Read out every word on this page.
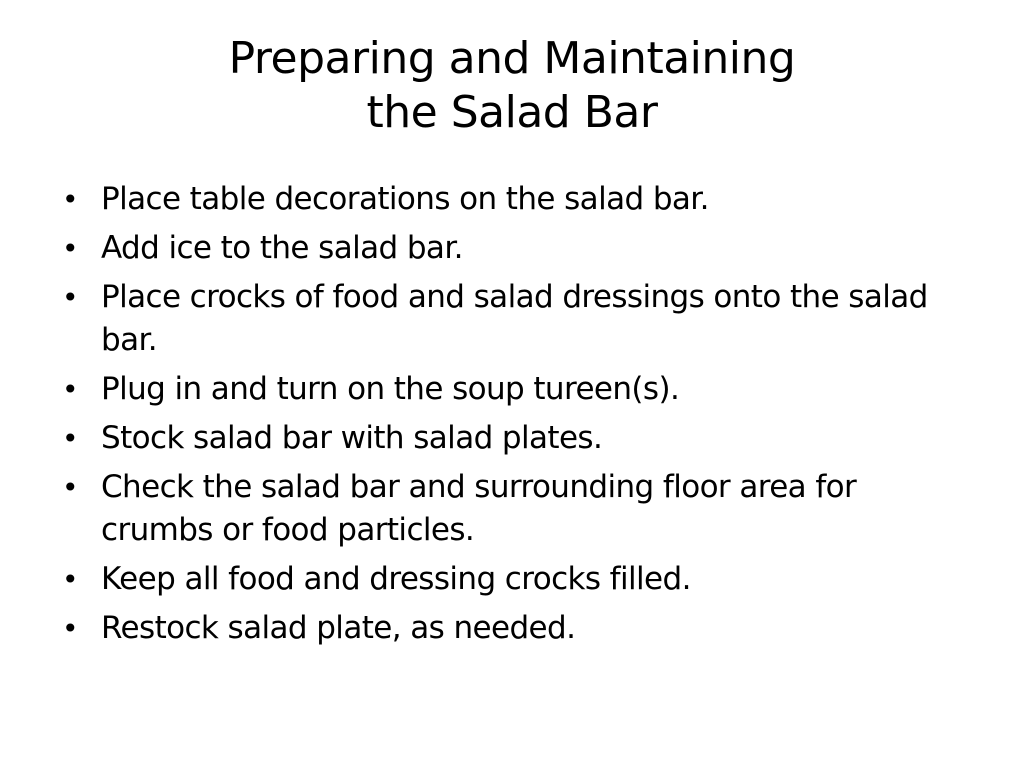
Preparing and Maintaining
the Salad Bar
• Place table decorations on the salad bar.
• Add ice to the salad bar.
• Place crocks of food and salad dressings onto the salad bar.
• Plug in and turn on the soup tureen(s).
• Stock salad bar with salad plates.
• Check the salad bar and surrounding floor area for crumbs or food particles.
• Keep all food and dressing crocks filled.
• Restock salad plate, as needed.
